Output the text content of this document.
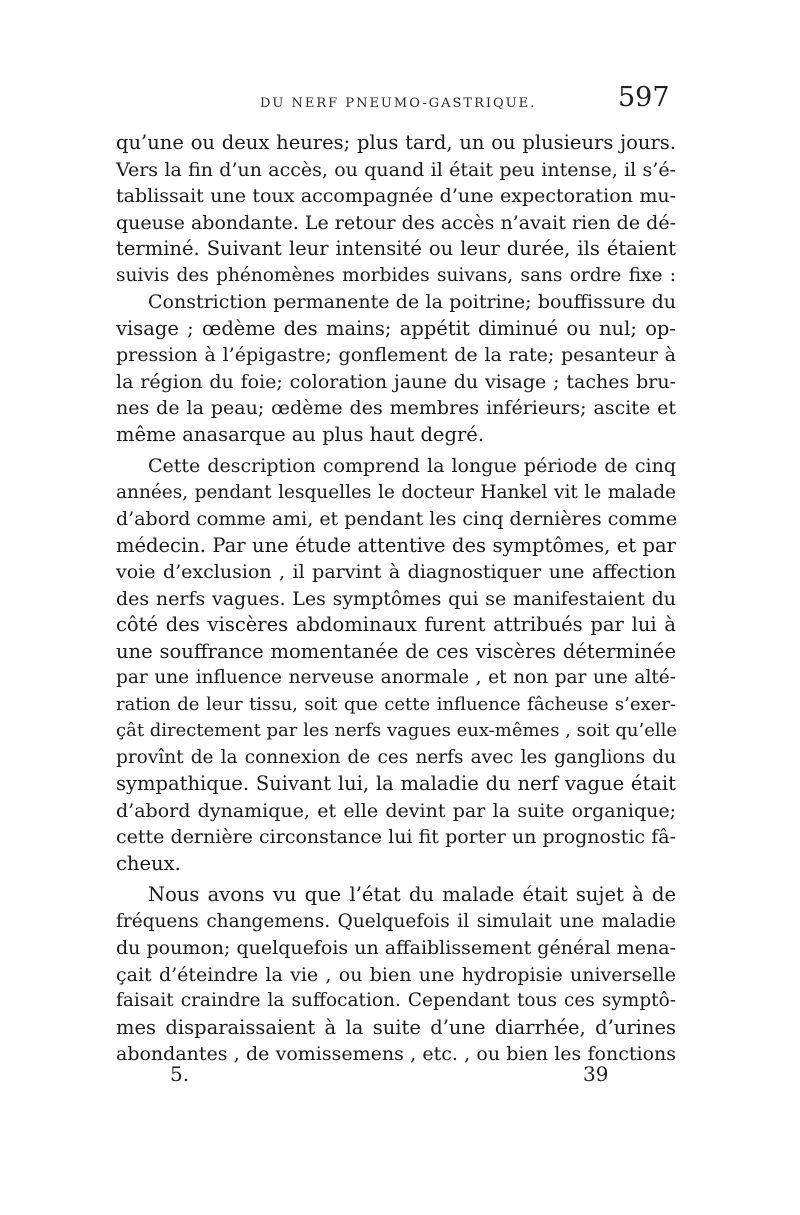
DU NERF PNEUMO-GASTRIQUE.	597
qu’une ou deux heures; plus tard, un ou plusieurs jours.
Vers la fin d’un accès, ou quand il était peu intense, il s’é-
tablissait une toux accompagnée d’une expectoration mu-
queuse abondante. Le retour des accès n’avait rien de dé-
terminé. Suivant leur intensité ou leur durée, ils étaient
suivis des phénomènes morbides suivans, sans ordre fixe :
Constriction permanente de la poitrine; bouffissure du
visage ; œdème des mains; appétit diminué ou nul; op-
pression à l’épigastre; gonflement de la rate; pesanteur à
la région du foie; coloration jaune du visage ; taches bru-
nes de la peau; œdème des membres inférieurs; ascite et
même anasarque au plus haut degré.
Cette description comprend la longue période de cinq
années, pendant lesquelles le docteur Hankel vit le malade
d’abord comme ami, et pendant les cinq dernières comme
médecin. Par une étude attentive des symptômes, et par
voie d’exclusion , il parvint à diagnostiquer une affection
des nerfs vagues. Les symptômes qui se manifestaient du
côté des viscères abdominaux furent attribués par lui à
une souffrance momentanée de ces viscères déterminée
par une influence nerveuse anormale , et non par une alté-
ration de leur tissu, soit que cette influence fâcheuse s’exer-
çât directement par les nerfs vagues eux-mêmes , soit qu’elle
provînt de la connexion de ces nerfs avec les ganglions du
sympathique. Suivant lui, la maladie du nerf vague était
d’abord dynamique, et elle devint par la suite organique;
cette dernière circonstance lui fit porter un prognostic fâ-
cheux.
Nous avons vu que l’état du malade était sujet à de
fréquens changemens. Quelquefois il simulait une maladie
du poumon; quelquefois un affaiblissement général mena-
çait d’éteindre la vie , ou bien une hydropisie universelle
faisait craindre la suffocation. Cependant tous ces symptô-
mes disparaissaient à la suite d’une diarrhée, d’urines
abondantes , de vomissemens , etc. , ou bien les fonctions
5.	39
